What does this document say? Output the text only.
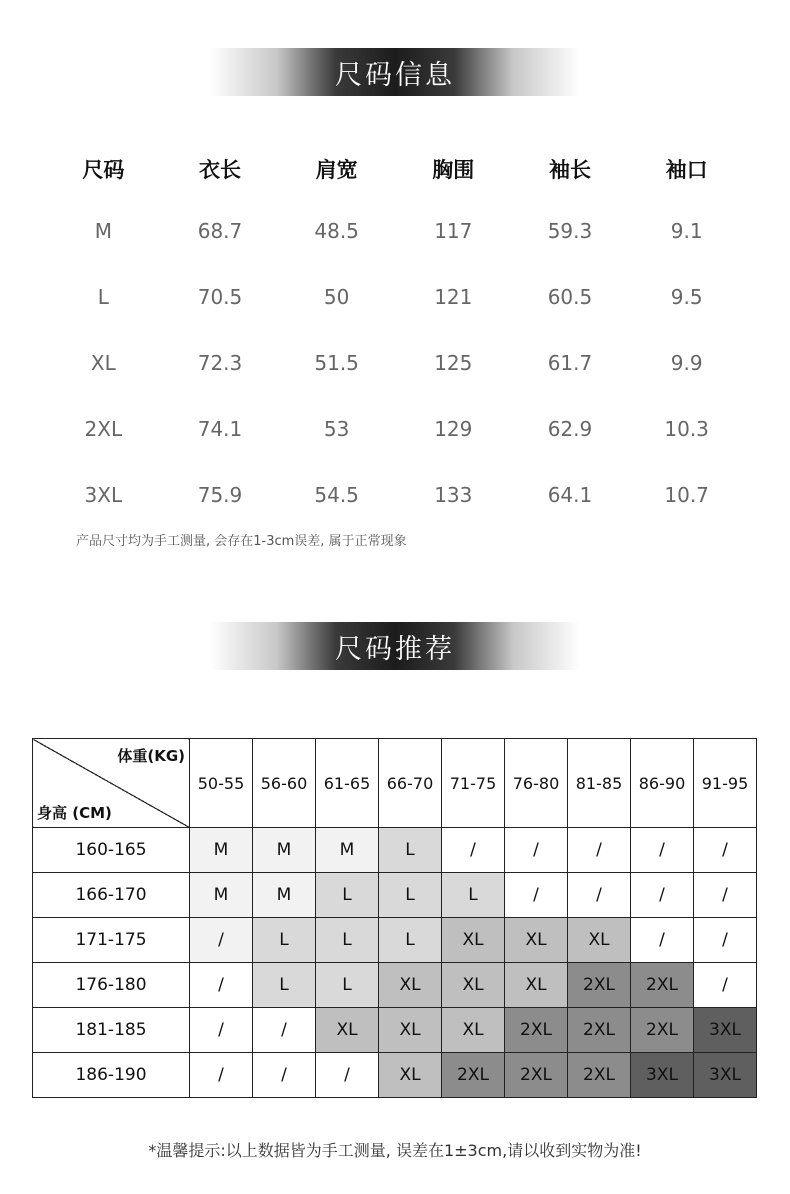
尺码信息
尺码	衣长	肩宽	胸围	袖长	袖口
M	68.7	48.5	117	59.3	9.1
L	70.5	50	121	60.5	9.5
XL	72.3	51.5	125	61.7	9.9
2XL	74.1	53	129	62.9	10.3
3XL	75.9	54.5	133	64.1	10.7
产品尺寸均为手工测量, 会存在1-3cm误差, 属于正常现象
尺码推荐
体重(KG)
身高 (CM)	50-55	56-60	61-65	66-70	71-75	76-80	81-85	86-90	91-95
160-165	M	M	M	L	/	/	/	/	/
166-170	M	M	L	L	L	/	/	/	/
171-175	/	L	L	L	XL	XL	XL	/	/
176-180	/	L	L	XL	XL	XL	2XL	2XL	/
181-185	/	/	XL	XL	XL	2XL	2XL	2XL	3XL
186-190	/	/	/	XL	2XL	2XL	2XL	3XL	3XL
*温馨提示:以上数据皆为手工测量, 误差在1±3cm,请以收到实物为准!
